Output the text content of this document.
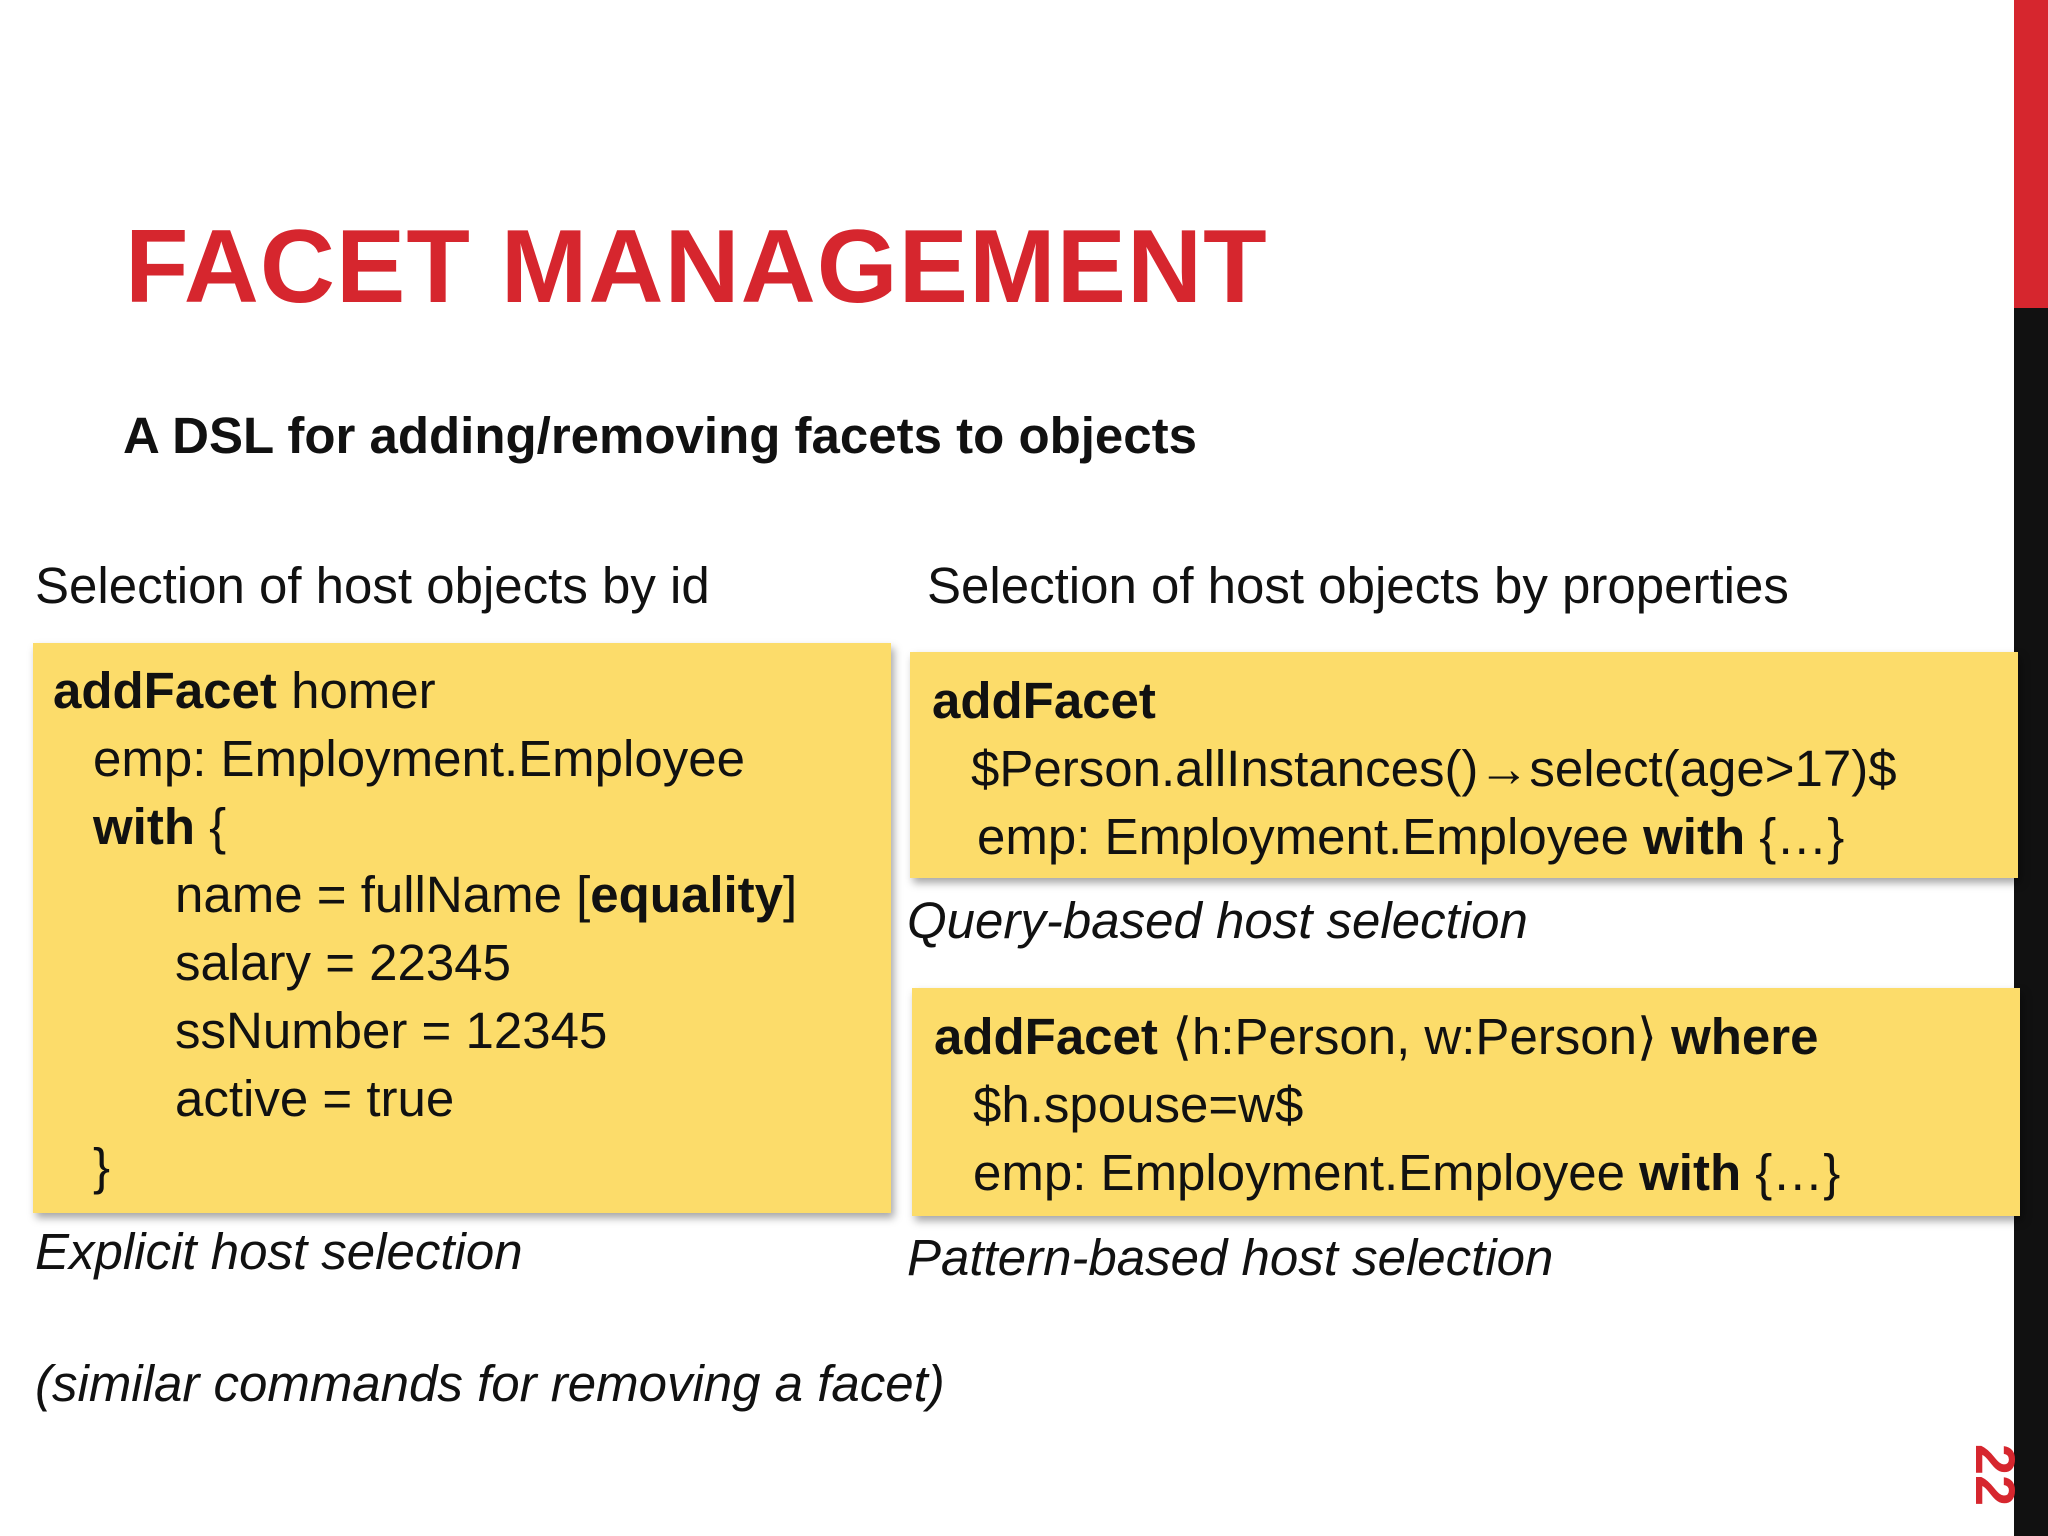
FACET MANAGEMENT
A DSL for adding/removing facets to objects
Selection of host objects by id	Selection of host objects by properties
addFacet homer
emp: Employment.Employee
with {
name = fullName [equality]
salary = 22345
ssNumber = 12345
active = true
}
Explicit host selection
addFacet
$Person.allInstances()→select(age>17)$
emp: Employment.Employee with {…}
Query-based host selection
addFacet ⟨h:Person, w:Person⟩ where
$h.spouse=w$
emp: Employment.Employee with {…}
Pattern-based host selection
(similar commands for removing a facet)
22
